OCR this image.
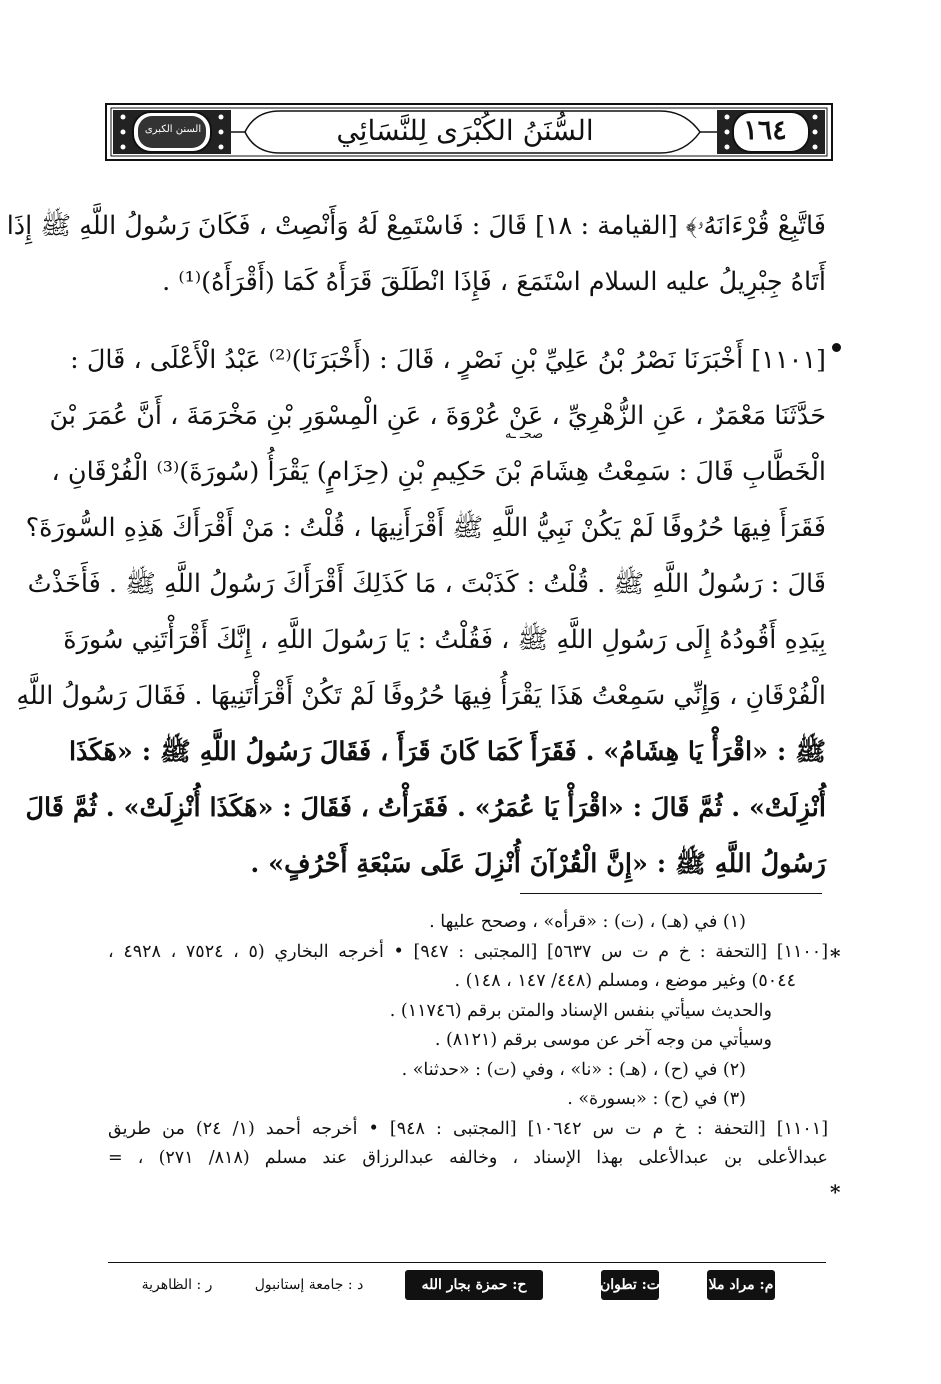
السنن الكبرى	١٦٤
السُّنَنُ الكُبْرَى لِلنَّسَائِي
صحـ ـه
فَاتَّبِعْ قُرْءَانَهُۥ﴾ [القيامة : ١٨] قَالَ : فَاسْتَمِعْ لَهُ وَأَنْصِتْ ، فَكَانَ رَسُولُ اللَّهِ ﷺ إِذَا
أَتَاهُ جِبْرِيلُ عليه السلام اسْتَمَعَ ، فَإِذَا انْطَلَقَ قَرَأَهُ كَمَا (أَقْرَأَهُ)⁽¹⁾ .
[١١٠١] أَخْبَرَنَا نَصْرُ بْنُ عَلِيِّ بْنِ نَصْرٍ ، قَالَ : (أَخْبَرَنَا)⁽²⁾ عَبْدُ الْأَعْلَى ، قَالَ :
حَدَّثَنَا مَعْمَرٌ ، عَنِ الزُّهْرِيِّ ، عَنْ عُرْوَةَ ، عَنِ الْمِسْوَرِ بْنِ مَخْرَمَةَ ، أَنَّ عُمَرَ بْنَ
الْخَطَّابِ قَالَ : سَمِعْتُ هِشَامَ بْنَ حَكِيمِ بْنِ (حِزَامٍ) يَقْرَأُ (سُورَةَ)⁽³⁾ الْفُرْقَانِ ،
فَقَرَأَ فِيهَا حُرُوفًا لَمْ يَكُنْ نَبِيُّ اللَّهِ ﷺ أَقْرَأَنِيهَا ، قُلْتُ : مَنْ أَقْرَأَكَ هَذِهِ السُّورَةَ؟
قَالَ : رَسُولُ اللَّهِ ﷺ . قُلْتُ : كَذَبْتَ ، مَا كَذَلِكَ أَقْرَأَكَ رَسُولُ اللَّهِ ﷺ . فَأَخَذْتُ
بِيَدِهِ أَقُودُهُ إِلَى رَسُولِ اللَّهِ ﷺ ، فَقُلْتُ : يَا رَسُولَ اللَّهِ ، إِنَّكَ أَقْرَأْتَنِي سُورَةَ
الْفُرْقَانِ ، وَإِنِّي سَمِعْتُ هَذَا يَقْرَأُ فِيهَا حُرُوفًا لَمْ تَكُنْ أَقْرَأْتَنِيهَا . فَقَالَ رَسُولُ اللَّهِ
ﷺ : «اقْرَأْ يَا هِشَامُ» . فَقَرَأَ كَمَا كَانَ قَرَأَ ، فَقَالَ رَسُولُ اللَّهِ ﷺ : «هَكَذَا
أُنْزِلَتْ» . ثُمَّ قَالَ : «اقْرَأْ يَا عُمَرُ» . فَقَرَأْتُ ، فَقَالَ : «هَكَذَا أُنْزِلَتْ» . ثُمَّ قَالَ
رَسُولُ اللَّهِ ﷺ : «إِنَّ الْقُرْآنَ أُنْزِلَ عَلَى سَبْعَةِ أَحْرُفٍ» .
*
*
(١) في (هـ) ، (ت) : «قرأه» ، وصحح عليها .
[١١٠٠] [التحفة : خ م ت س ٥٦٣٧] [المجتبى : ٩٤٧] • أخرجه البخاري (٥ ، ٧٥٢٤ ، ٤٩٢٨ ،
٥٠٤٤) وغير موضع ، ومسلم (٤٤٨/ ١٤٧ ، ١٤٨) .
والحديث سيأتي بنفس الإسناد والمتن برقم (١١٧٤٦) .
وسيأتي من وجه آخر عن موسى برقم (٨١٢١) .
(٢) في (ح) ، (هـ) : «نا» ، وفي (ت) : «حدثنا» .
(٣) في (ح) : «بسورة» .
[١١٠١] [التحفة : خ م ت س ١٠٦٤٢] [المجتبى : ٩٤٨] • أخرجه أحمد (١/ ٢٤) من طريق
عبدالأعلى بن عبدالأعلى بهذا الإسناد ، وخالفه عبدالرزاق عند مسلم (٨١٨/ ٢٧١) ، =
م: مراد ملا
ت: تطوان
ح: حمزة بجار الله
د : جامعة إستانبول
ر : الظاهرية
